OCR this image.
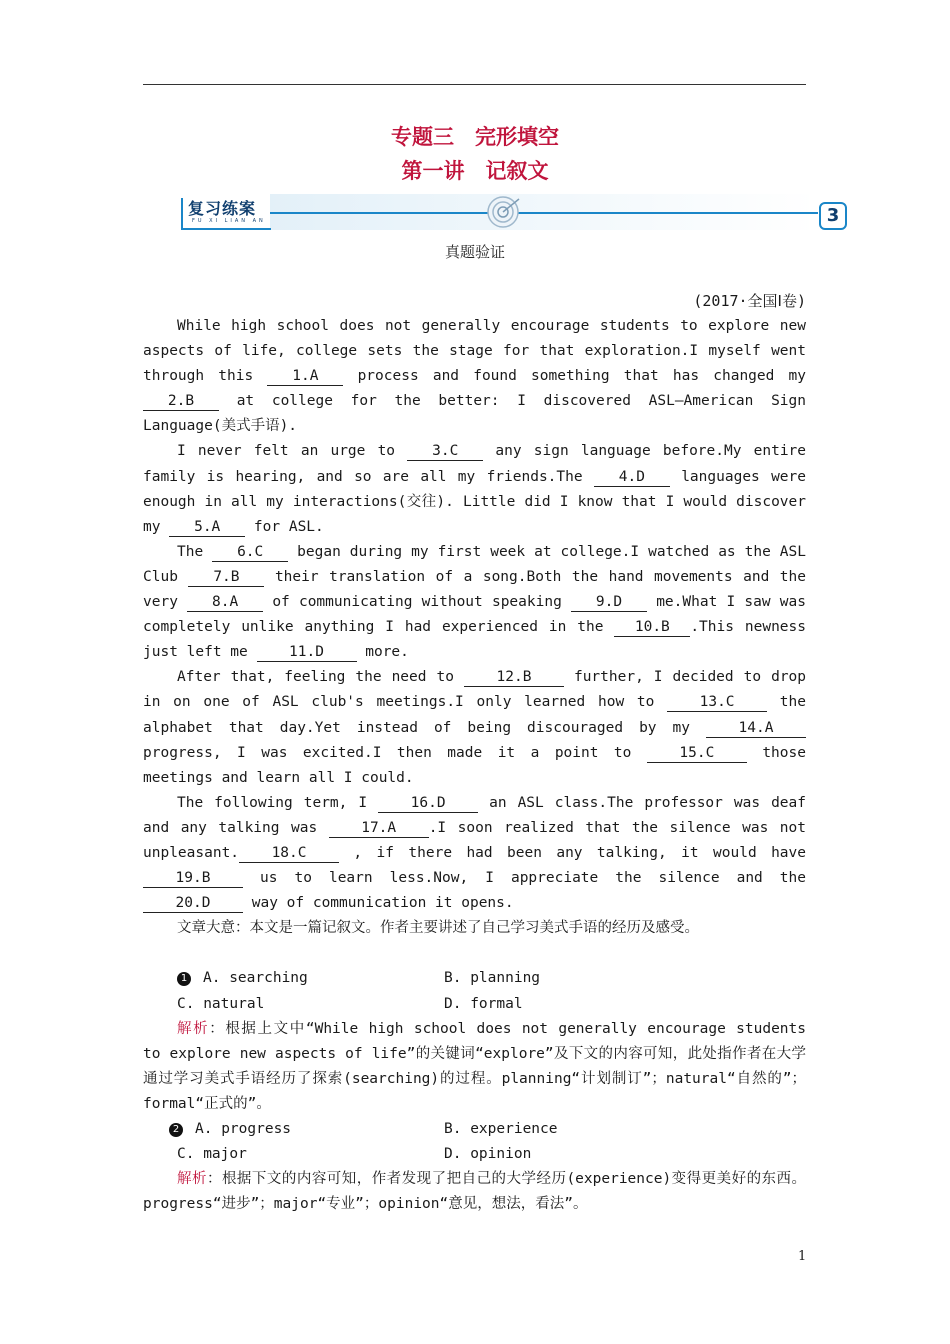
专题三　完形填空
第一讲　记叙文
复习练案
FU XI LIAN AN	3
真题验证
(2017·全国Ⅰ卷)

While high school does not generally encourage students to explore new aspects of life, college sets the stage for that exploration.I myself went through this 1.A process and found something that has changed my 2.B at college for the better: I discovered ASL—American Sign Language(美式手语).

I never felt an urge to 3.C any sign language before.My entire family is hearing, and so are all my friends.The 4.D languages were enough in all my interactions(交往). Little did I know that I would discover my 5.A for ASL.

The 6.C began during my first week at college.I watched as the ASL Club 7.B their translation of a song.Both the hand movements and the very 8.A of communicating without speaking 9.D me.What I saw was completely unlike anything I had experienced in the 10.B .This newness just left me 11.D more.

After that, feeling the need to 12.B further, I decided to drop in on one of ASL club's meetings.I only learned how to 13.C the alphabet that day.Yet instead of being discouraged by my 14.A progress, I was excited.I then made it a point to 15.C those meetings and learn all I could.

The following term, I 16.D an ASL class.The professor was deaf and any talking was 17.A .I soon realized that the silence was not unpleasant. 18.C , if there had been any talking, it would have 19.B us to learn less.Now, I appreciate the silence and the 20.D way of communication it opens.

文章大意：本文是一篇记叙文。作者主要讲述了自己学习美式手语的经历及感受。

1 A. searching	B. planning
C. natural	D. formal

解析：根据上文中“While high school does not generally encourage students to explore new aspects of life”的关键词“explore”及下文的内容可知，此处指作者在大学通过学习美式手语经历了探索(searching)的过程。planning“计划制订”；natural“自然的”；formal“正式的”。

2 A. progress	B. experience
C. major	D. opinion

解析：根据下文的内容可知，作者发现了把自己的大学经历(experience)变得更美好的东西。progress“进步”；major“专业”；opinion“意见，想法，看法”。

1
